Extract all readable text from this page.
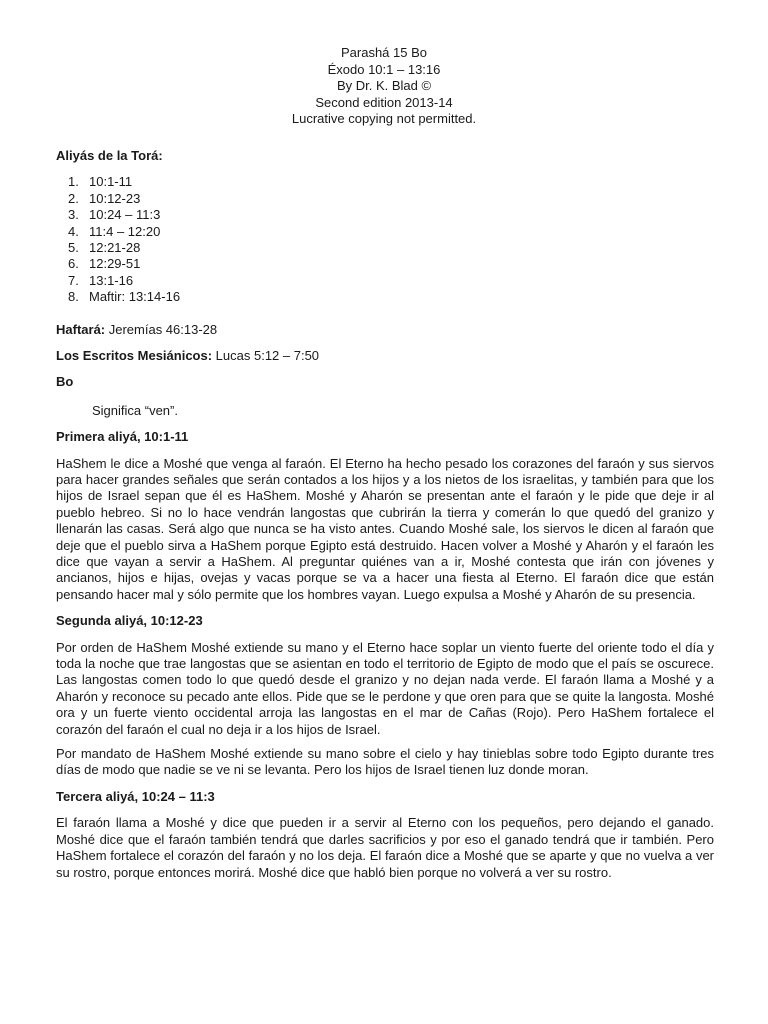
Parashá 15 Bo
Éxodo 10:1 – 13:16
By Dr. K. Blad ©
Second edition 2013-14
Lucrative copying not permitted.

Aliyás de la Torá:

1. 10:1-11
2. 10:12-23
3. 10:24 – 11:3
4. 11:4 – 12:20
5. 12:21-28
6. 12:29-51
7. 13:1-16
8. Maftir: 13:14-16

Haftará: Jeremías 46:13-28

Los Escritos Mesiánicos: Lucas 5:12 – 7:50

Bo

Significa “ven”.

Primera aliyá, 10:1-11

HaShem le dice a Moshé que venga al faraón. El Eterno ha hecho pesado los corazones del faraón y sus siervos para hacer grandes señales que serán contados a los hijos y a los nietos de los israelitas, y también para que los hijos de Israel sepan que él es HaShem. Moshé y Aharón se presentan ante el faraón y le pide que deje ir al pueblo hebreo. Si no lo hace vendrán langostas que cubrirán la tierra y comerán lo que quedó del granizo y llenarán las casas. Será algo que nunca se ha visto antes. Cuando Moshé sale, los siervos le dicen al faraón que deje que el pueblo sirva a HaShem porque Egipto está destruido. Hacen volver a Moshé y Aharón y el faraón les dice que vayan a servir a HaShem. Al preguntar quiénes van a ir, Moshé contesta que irán con jóvenes y ancianos, hijos e hijas, ovejas y vacas porque se va a hacer una fiesta al Eterno. El faraón dice que están pensando hacer mal y sólo permite que los hombres vayan. Luego expulsa a Moshé y Aharón de su presencia.

Segunda aliyá, 10:12-23

Por orden de HaShem Moshé extiende su mano y el Eterno hace soplar un viento fuerte del oriente todo el día y toda la noche que trae langostas que se asientan en todo el territorio de Egipto de modo que el país se oscurece. Las langostas comen todo lo que quedó desde el granizo y no dejan nada verde. El faraón llama a Moshé y a Aharón y reconoce su pecado ante ellos. Pide que se le perdone y que oren para que se quite la langosta. Moshé ora y un fuerte viento occidental arroja las langostas en el mar de Cañas (Rojo). Pero HaShem fortalece el corazón del faraón el cual no deja ir a los hijos de Israel.

Por mandato de HaShem Moshé extiende su mano sobre el cielo y hay tinieblas sobre todo Egipto durante tres días de modo que nadie se ve ni se levanta. Pero los hijos de Israel tienen luz donde moran.

Tercera aliyá, 10:24 – 11:3

El faraón llama a Moshé y dice que pueden ir a servir al Eterno con los pequeños, pero dejando el ganado. Moshé dice que el faraón también tendrá que darles sacrificios y por eso el ganado tendrá que ir también. Pero HaShem fortalece el corazón del faraón y no los deja. El faraón dice a Moshé que se aparte y que no vuelva a ver su rostro, porque entonces morirá. Moshé dice que habló bien porque no volverá a ver su rostro.
